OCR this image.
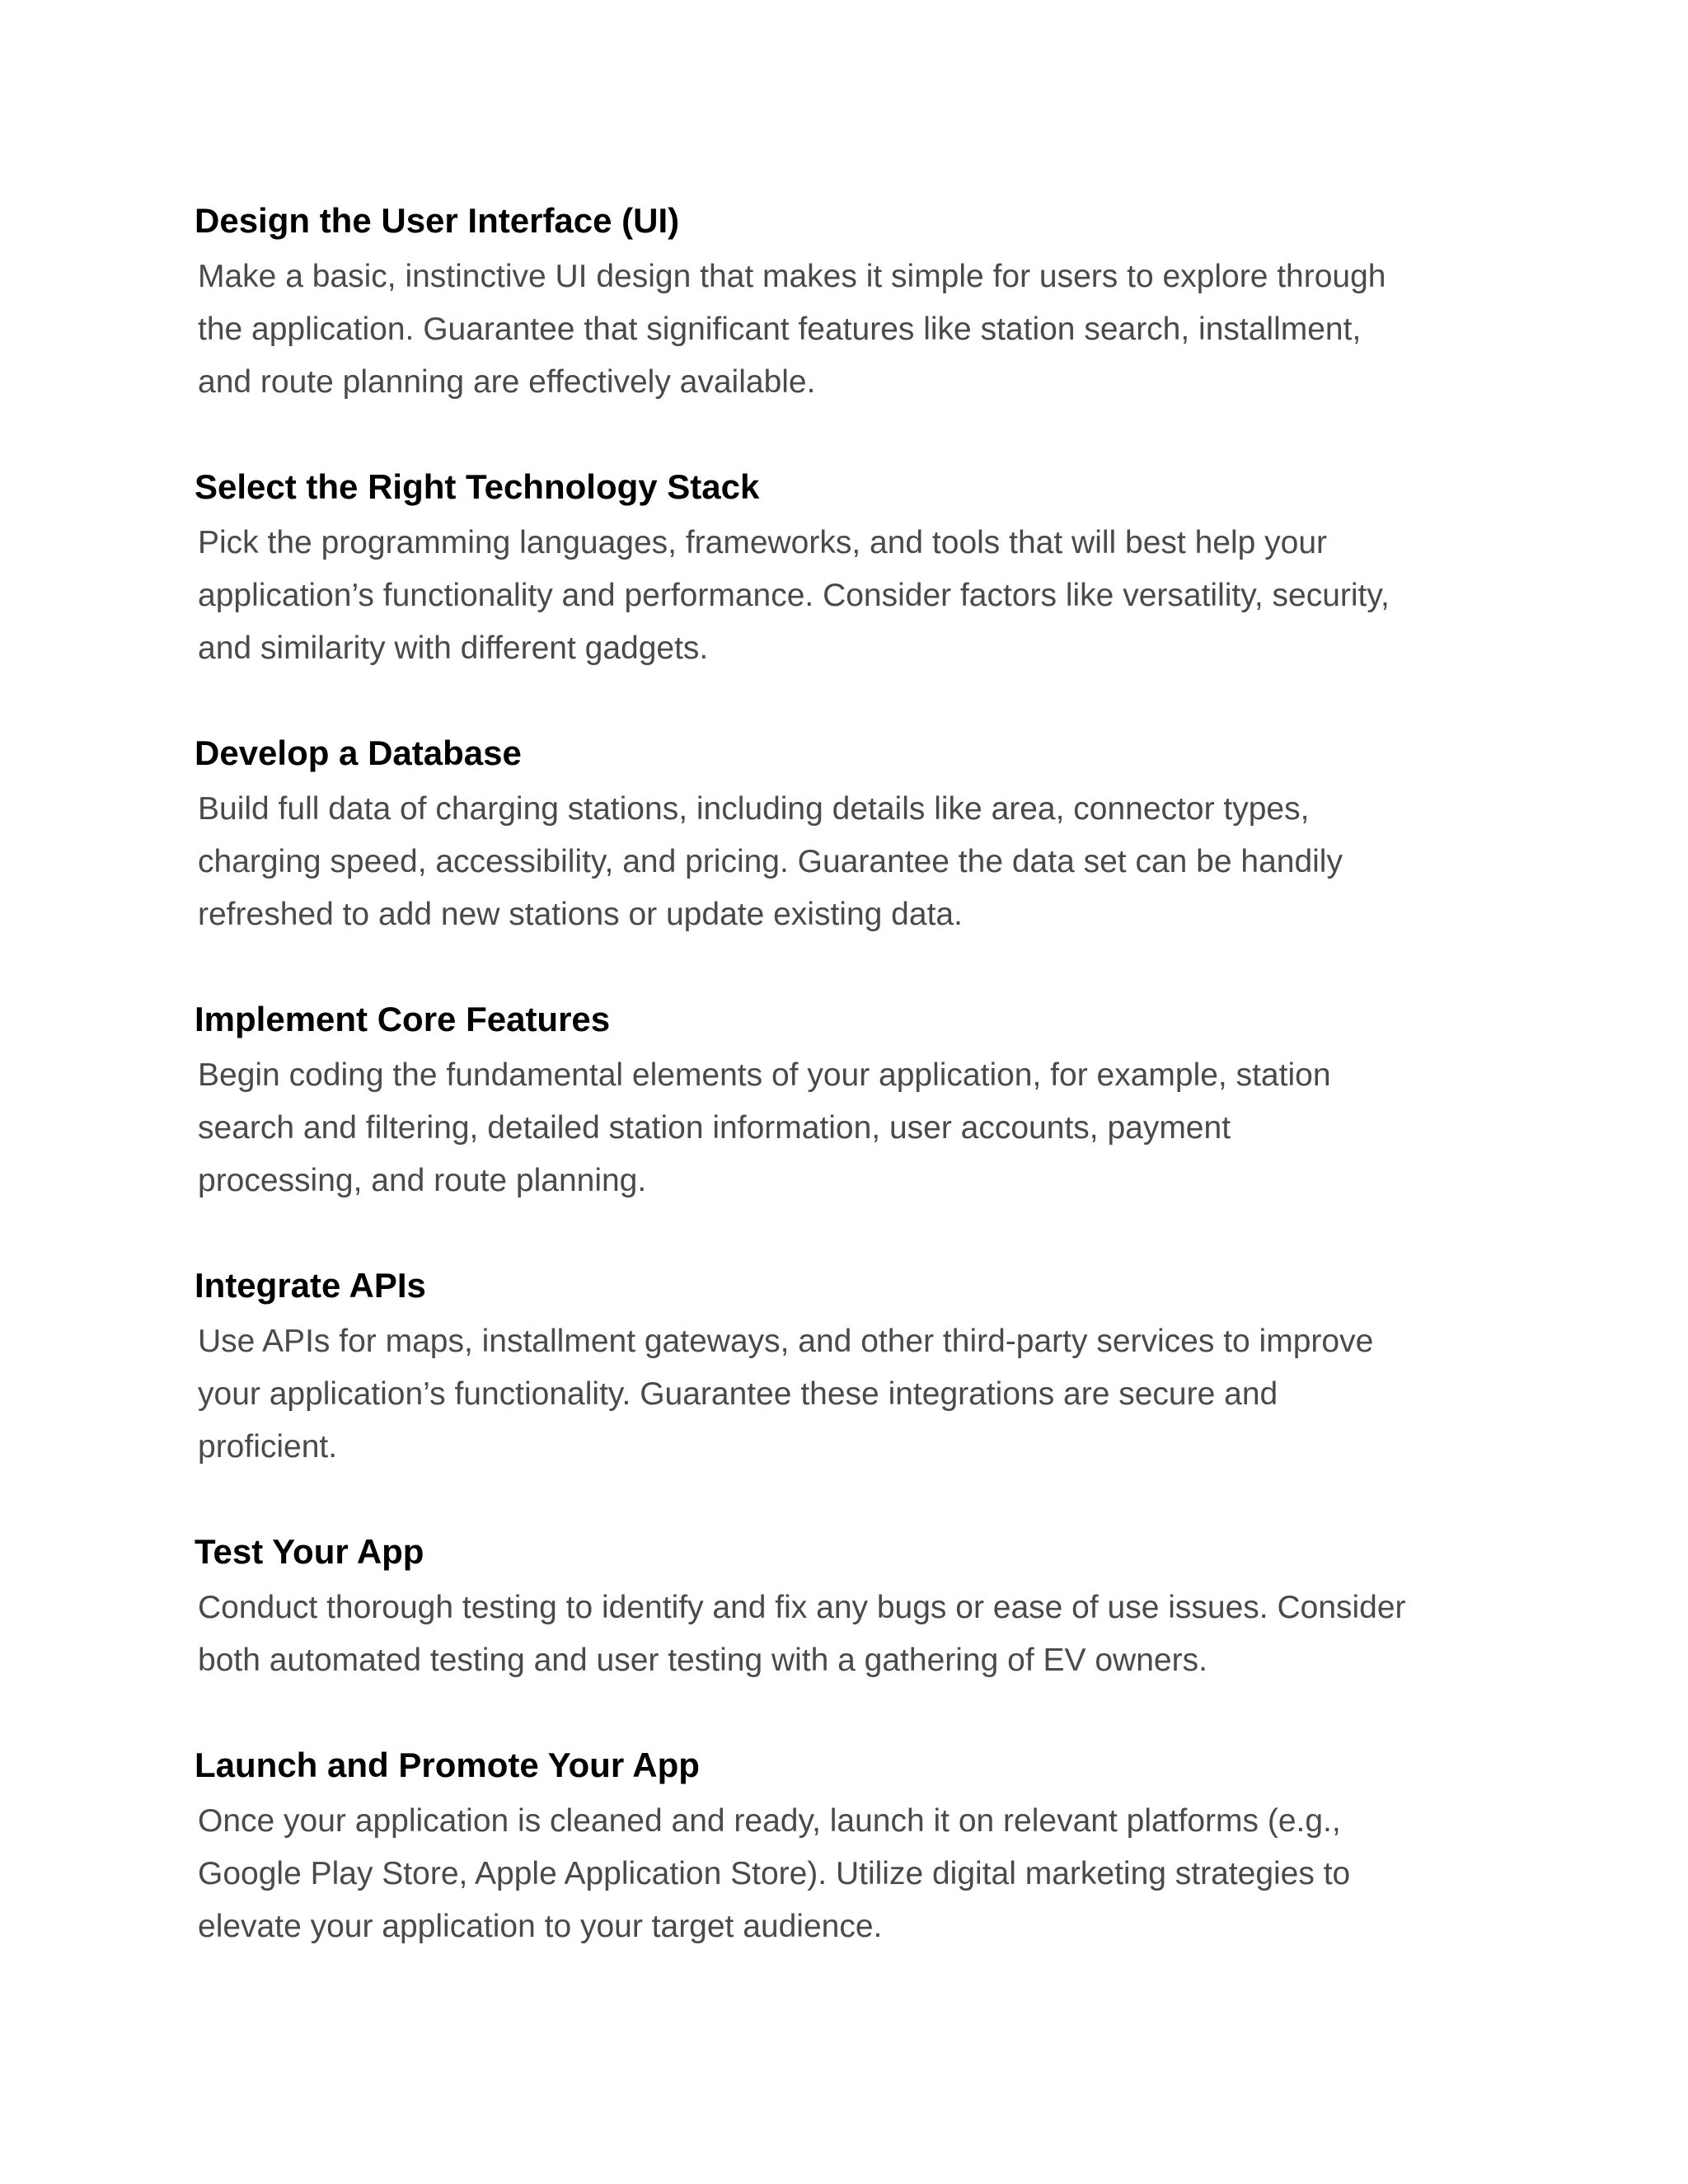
Design the User Interface (UI)
Make a basic, instinctive UI design that makes it simple for users to explore through
the application. Guarantee that significant features like station search, installment,
and route planning are effectively available.
Select the Right Technology Stack
Pick the programming languages, frameworks, and tools that will best help your
application’s functionality and performance. Consider factors like versatility, security,
and similarity with different gadgets.
Develop a Database
Build full data of charging stations, including details like area, connector types,
charging speed, accessibility, and pricing. Guarantee the data set can be handily
refreshed to add new stations or update existing data.
Implement Core Features
Begin coding the fundamental elements of your application, for example, station
search and filtering, detailed station information, user accounts, payment
processing, and route planning.
Integrate APIs
Use APIs for maps, installment gateways, and other third-party services to improve
your application’s functionality. Guarantee these integrations are secure and
proficient.
Test Your App
Conduct thorough testing to identify and fix any bugs or ease of use issues. Consider
both automated testing and user testing with a gathering of EV owners.
Launch and Promote Your App
Once your application is cleaned and ready, launch it on relevant platforms (e.g.,
Google Play Store, Apple Application Store). Utilize digital marketing strategies to
elevate your application to your target audience.
